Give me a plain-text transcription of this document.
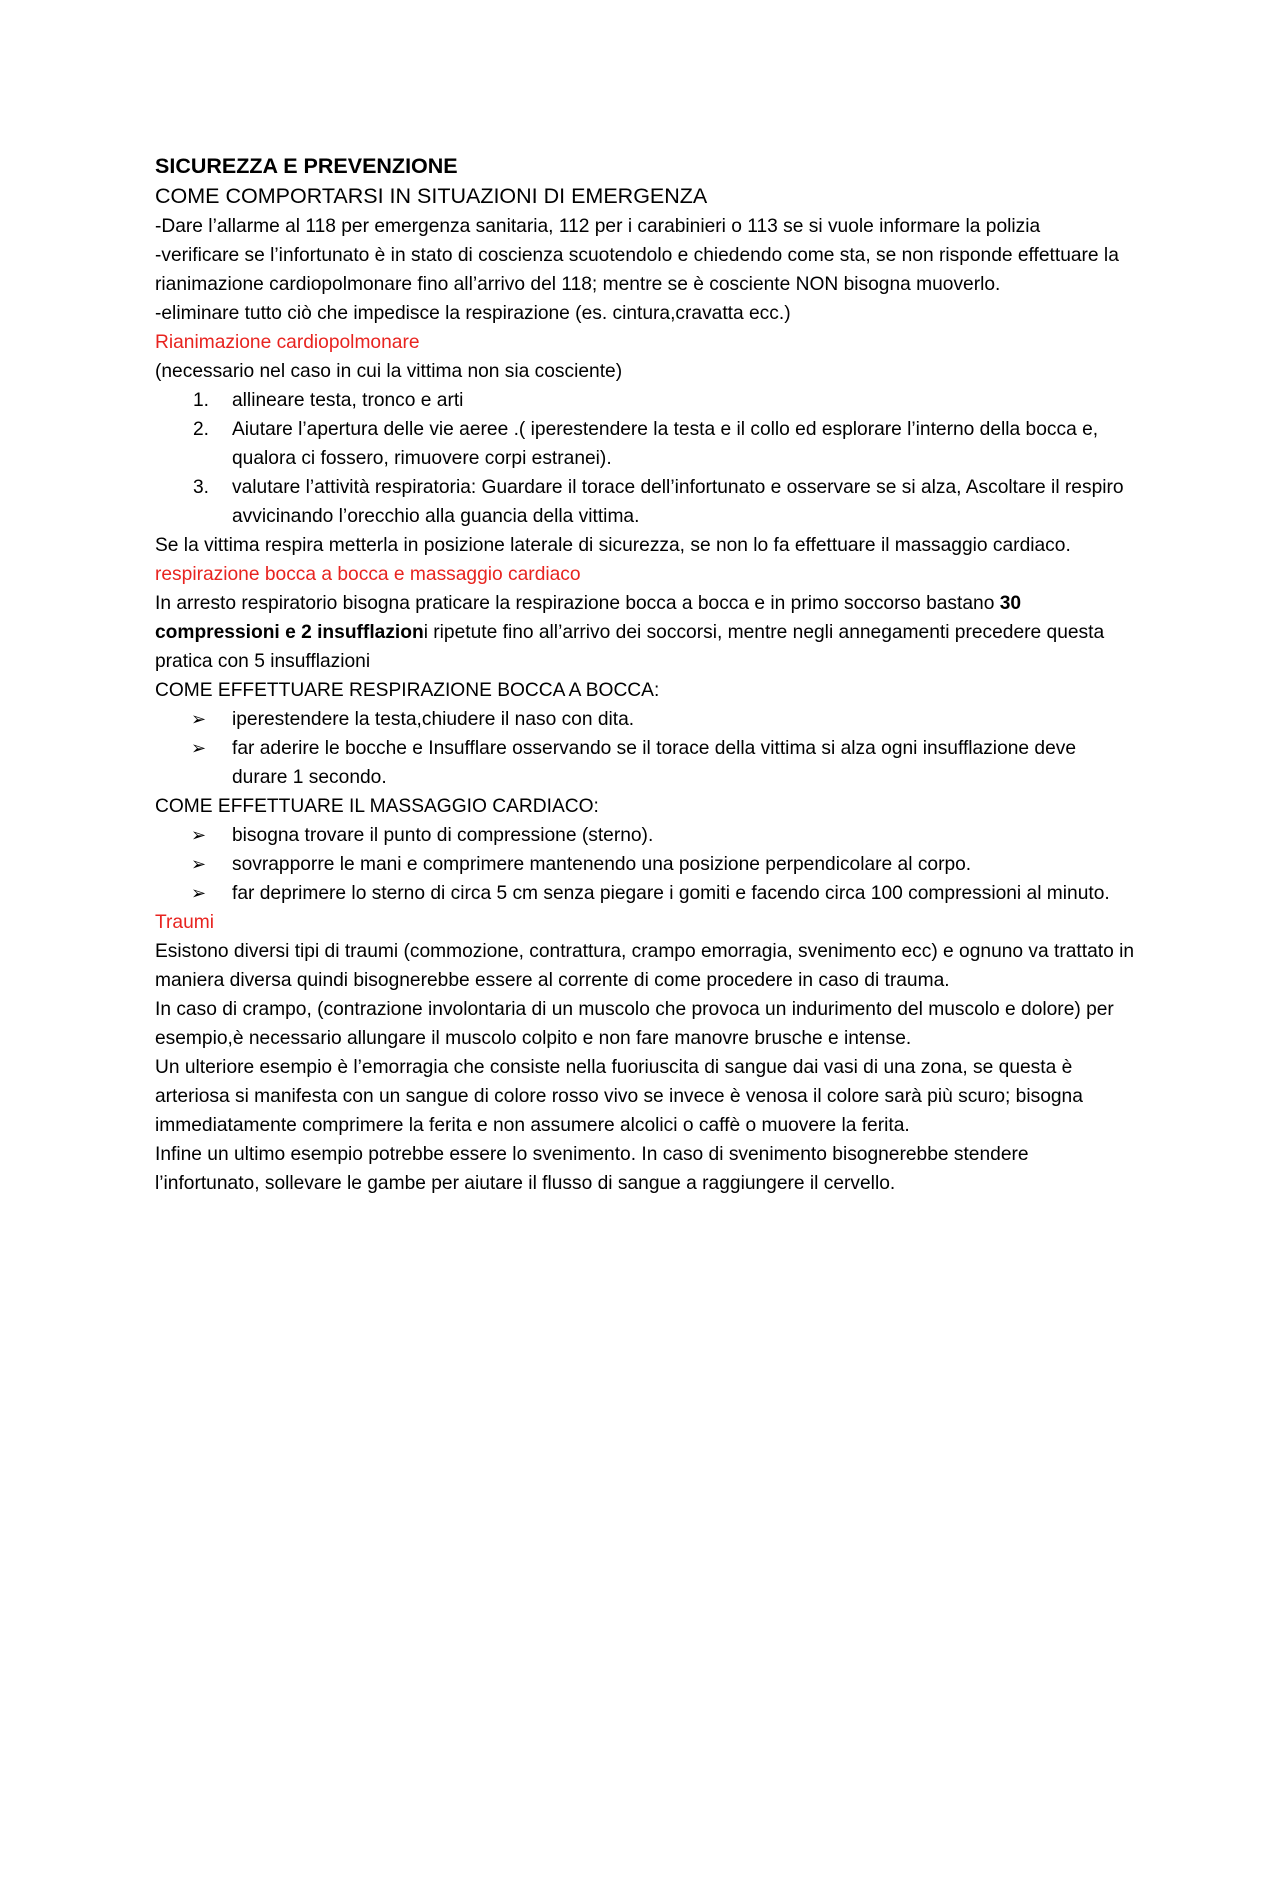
SICUREZZA E PREVENZIONE
COME COMPORTARSI IN SITUAZIONI DI EMERGENZA

-Dare l’allarme al 118 per emergenza sanitaria, 112 per i carabinieri o 113 se si vuole informare la polizia

-verificare se l’infortunato è in stato di coscienza scuotendolo e chiedendo come sta, se non risponde effettuare la rianimazione cardiopolmonare fino all’arrivo del 118; mentre se è cosciente NON bisogna muoverlo.

-eliminare tutto ciò che impedisce la respirazione (es. cintura,cravatta ecc.)

Rianimazione cardiopolmonare

(necessario nel caso in cui la vittima non sia cosciente)

1. allineare testa, tronco e arti
2. Aiutare l’apertura delle vie aeree .( iperestendere la testa e il collo ed esplorare l’interno della bocca e, qualora ci fossero, rimuovere corpi estranei).
3. valutare l’attività respiratoria: Guardare il torace dell’infortunato e osservare se si alza, Ascoltare il respiro avvicinando l’orecchio alla guancia della vittima.

Se la vittima respira metterla in posizione laterale di sicurezza, se non lo fa effettuare il massaggio cardiaco.

respirazione bocca a bocca e massaggio cardiaco

In arresto respiratorio bisogna praticare la respirazione bocca a bocca e in primo soccorso bastano 30 compressioni e 2 insufflazioni ripetute fino all’arrivo dei soccorsi, mentre negli annegamenti precedere questa pratica con 5 insufflazioni

COME EFFETTUARE RESPIRAZIONE BOCCA A BOCCA:
➢ iperestendere la testa,chiudere il naso con dita.
➢ far aderire le bocche e Insufflare osservando se il torace della vittima si alza ogni insufflazione deve durare 1 secondo.
COME EFFETTUARE IL MASSAGGIO CARDIACO:
➢ bisogna trovare il punto di compressione (sterno).
➢ sovrapporre le mani e comprimere mantenendo una posizione perpendicolare al corpo.
➢ far deprimere lo sterno di circa 5 cm senza piegare i gomiti e facendo circa 100 compressioni al minuto.
Traumi

Esistono diversi tipi di traumi (commozione, contrattura, crampo emorragia, svenimento ecc) e ognuno va trattato in maniera diversa quindi bisognerebbe essere al corrente di come procedere in caso di trauma.

In caso di crampo, (contrazione involontaria di un muscolo che provoca un indurimento del muscolo e dolore) per esempio,è necessario allungare il muscolo colpito e non fare manovre brusche e intense.

Un ulteriore esempio è l’emorragia che consiste nella fuoriuscita di sangue dai vasi di una zona, se questa è arteriosa si manifesta con un sangue di colore rosso vivo se invece è venosa il colore sarà più scuro; bisogna immediatamente comprimere la ferita e non assumere alcolici o caffè o muovere la ferita.

Infine un ultimo esempio potrebbe essere lo svenimento. In caso di svenimento bisognerebbe stendere l’infortunato, sollevare le gambe per aiutare il flusso di sangue a raggiungere il cervello.
